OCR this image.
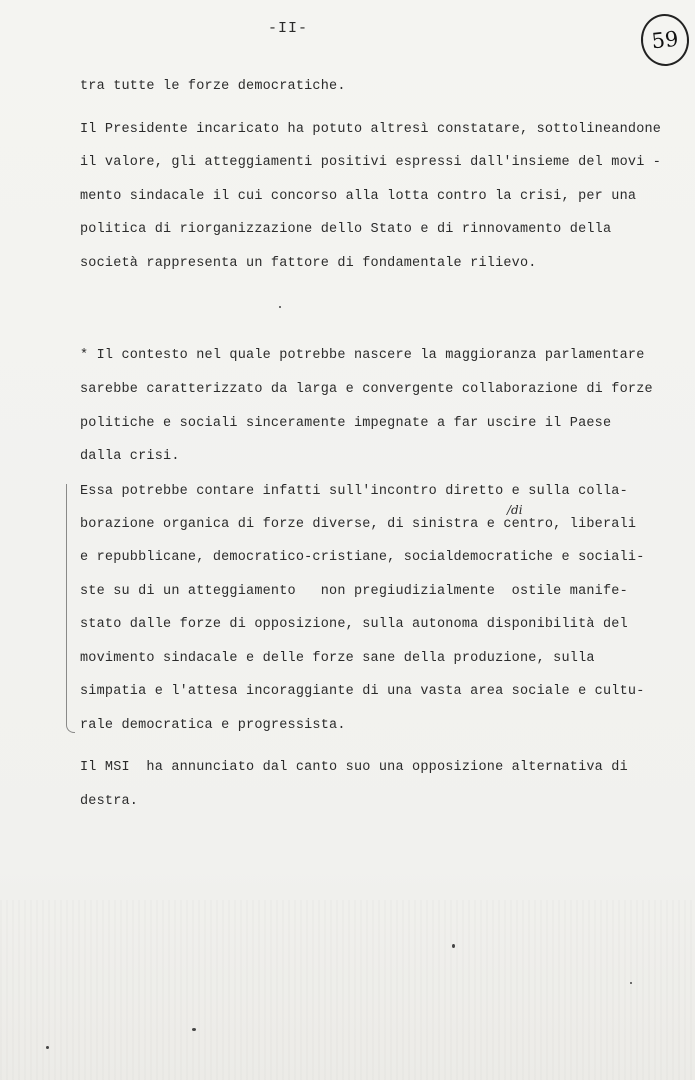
-II-	59
tra tutte le forze democratiche.
Il Presidente incaricato ha potuto altresì constatare, sottolineandone
il valore, gli atteggiamenti positivi espressi dall'insieme del movi -
mento sindacale il cui concorso alla lotta contro la crisi, per una
politica di riorganizzazione dello Stato e di rinnovamento della
società rappresenta un fattore di fondamentale rilievo.
* Il contesto nel quale potrebbe nascere la maggioranza parlamentare
sarebbe caratterizzato da larga e convergente collaborazione di forze
politiche e sociali sinceramente impegnate a far uscire il Paese
dalla crisi.
Essa potrebbe contare infatti sull'incontro diretto e sulla colla-
/di
borazione organica di forze diverse, di sinistra e centro, liberali
e repubblicane, democratico-cristiane, socialdemocratiche e sociali-
ste su di un atteggiamento   non pregiudizialmente  ostile manife-
stato dalle forze di opposizione, sulla autonoma disponibilità del
movimento sindacale e delle forze sane della produzione, sulla
simpatia e l'attesa incoraggiante di una vasta area sociale e cultu-
rale democratica e progressista.
Il MSI  ha annunciato dal canto suo una opposizione alternativa di
destra.
